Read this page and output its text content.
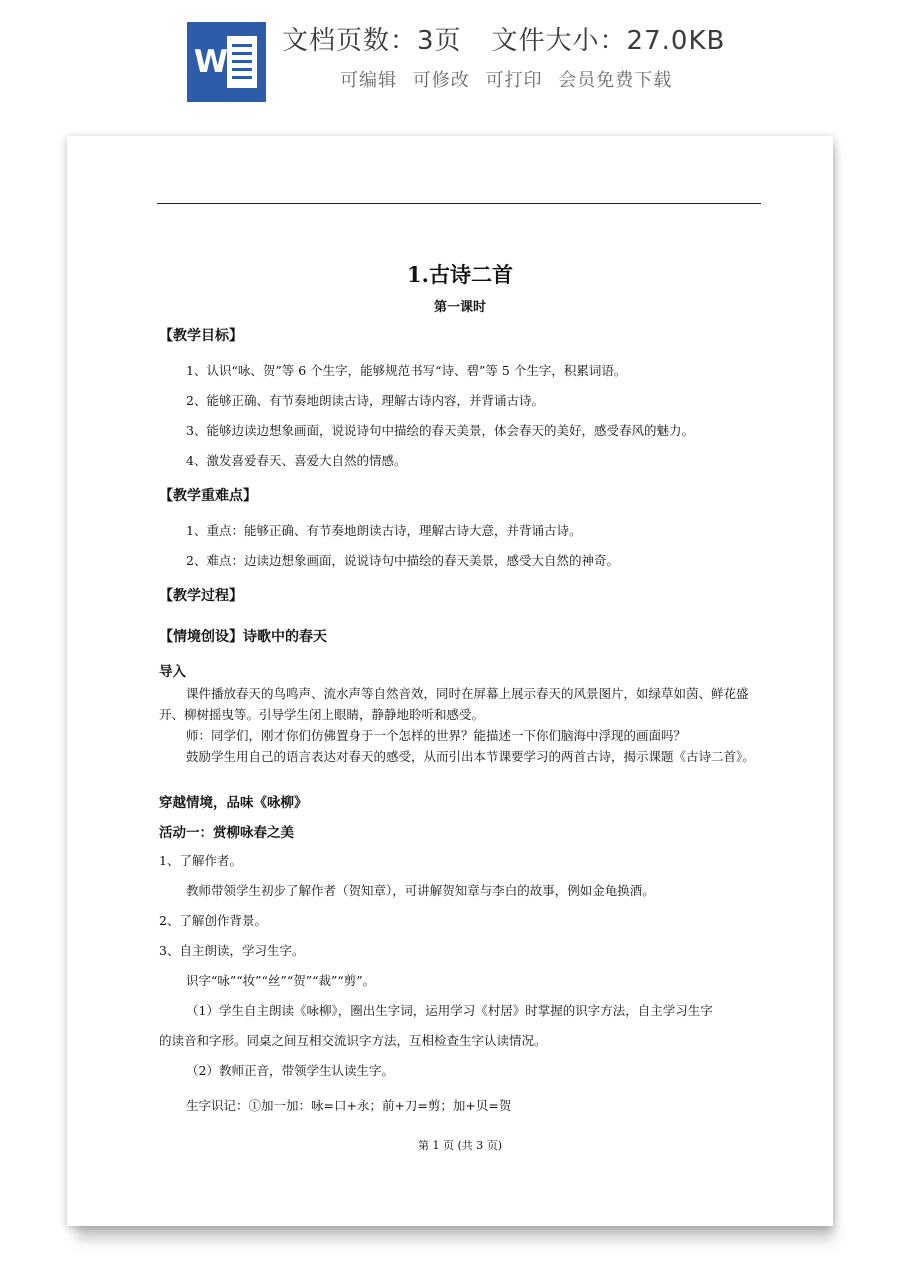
W
文档页数：3页 文件大小：27.0KB
可编辑 可修改 可打印 会员免费下载
1.古诗二首
第一课时
【教学目标】
1、认识“咏、贺”等 6 个生字，能够规范书写“诗、碧”等 5 个生字，积累词语。
2、能够正确、有节奏地朗读古诗，理解古诗内容，并背诵古诗。
3、能够边读边想象画面，说说诗句中描绘的春天美景，体会春天的美好，感受春风的魅力。
4、激发喜爱春天、喜爱大自然的情感。
【教学重难点】
1、重点：能够正确、有节奏地朗读古诗，理解古诗大意，并背诵古诗。
2、难点：边读边想象画面，说说诗句中描绘的春天美景，感受大自然的神奇。
【教学过程】
【情境创设】诗歌中的春天
导入
课件播放春天的鸟鸣声、流水声等自然音效，同时在屏幕上展示春天的风景图片，如绿草如茵、鲜花盛开、柳树摇曳等。引导学生闭上眼睛，静静地聆听和感受。
师：同学们，刚才你们仿佛置身于一个怎样的世界？能描述一下你们脑海中浮现的画面吗？
鼓励学生用自己的语言表达对春天的感受，从而引出本节课要学习的两首古诗，揭示课题《古诗二首》。
穿越情境，品味《咏柳》
活动一：赏柳咏春之美
1、了解作者。
教师带领学生初步了解作者（贺知章），可讲解贺知章与李白的故事，例如金龟换酒。
2、了解创作背景。
3、自主朗读，学习生字。
识字“咏”“妆”“丝”“贺”“裁”“剪”。
（1）学生自主朗读《咏柳》，圈出生字词，运用学习《村居》时掌握的识字方法，自主学习生字
的读音和字形。同桌之间互相交流识字方法，互相检查生字认读情况。
（2）教师正音，带领学生认读生字。
生字识记：①加一加：咏=口+永；前+刀=剪；加+贝=贺
第 1 页 (共 3 页)
